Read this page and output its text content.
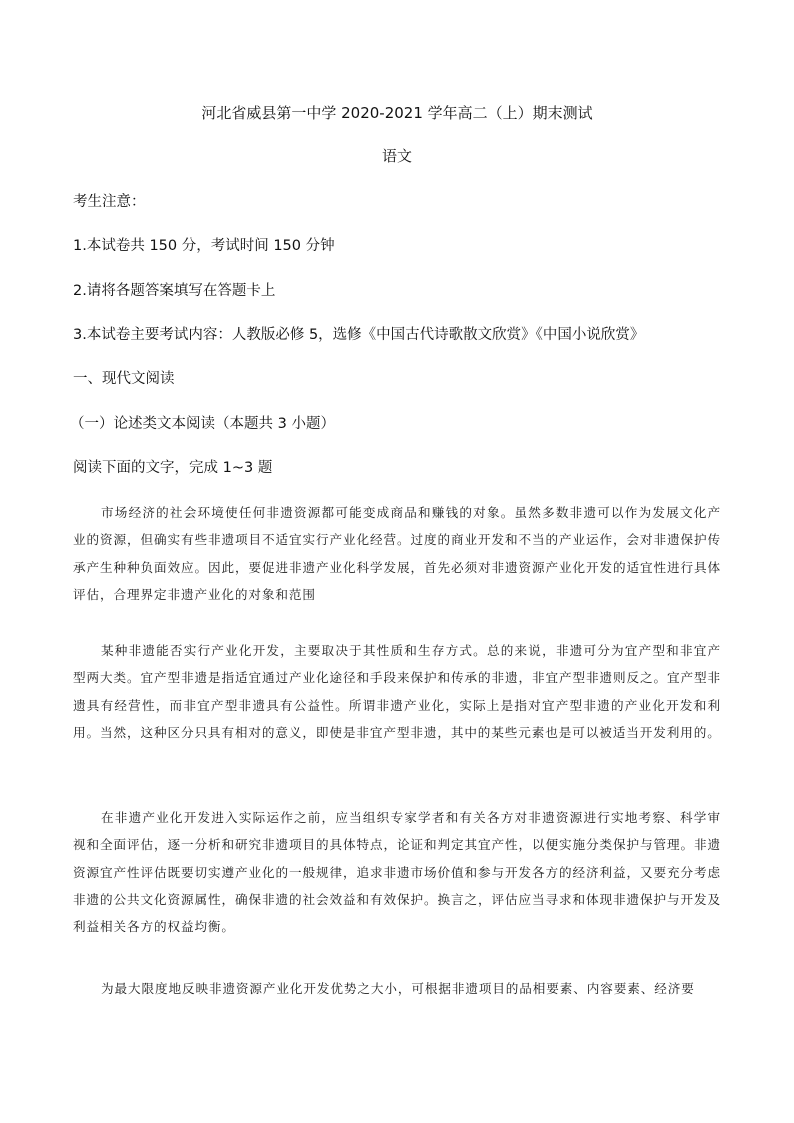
河北省威县第一中学 2020-2021 学年高二（上）期末测试
语文

考生注意：

1.本试卷共 150 分，考试时间 150 分钟

2.请将各题答案填写在答题卡上

3.本试卷主要考试内容：人教版必修 5，选修《中国古代诗歌散文欣赏》《中国小说欣赏》

一、现代文阅读

（一）论述类文本阅读（本题共 3 小题）

阅读下面的文字，完成 1~3 题

市场经济的社会环境使任何非遗资源都可能变成商品和赚钱的对象。虽然多数非遗可以作为发展文化产业的资源，但确实有些非遗项目不适宜实行产业化经营。过度的商业开发和不当的产业运作，会对非遗保护传承产生种种负面效应。因此，要促进非遗产业化科学发展，首先必须对非遗资源产业化开发的适宜性进行具体评估，合理界定非遗产业化的对象和范围

某种非遗能否实行产业化开发，主要取决于其性质和生存方式。总的来说，非遗可分为宜产型和非宜产型两大类。宜产型非遗是指适宜通过产业化途径和手段来保护和传承的非遗，非宜产型非遗则反之。宜产型非遗具有经营性，而非宜产型非遗具有公益性。所谓非遗产业化，实际上是指对宜产型非遗的产业化开发和利用。当然，这种区分只具有相对的意义，即使是非宜产型非遗，其中的某些元素也是可以被适当开发利用的。

在非遗产业化开发进入实际运作之前，应当组织专家学者和有关各方对非遗资源进行实地考察、科学审视和全面评估，逐一分析和研究非遗项目的具体特点，论证和判定其宜产性，以便实施分类保护与管理。非遗资源宜产性评估既要切实遵产业化的一般规律，追求非遗市场价值和参与开发各方的经济利益，又要充分考虑非遗的公共文化资源属性，确保非遗的社会效益和有效保护。换言之，评估应当寻求和体现非遗保护与开发及利益相关各方的权益均衡。

为最大限度地反映非遗资源产业化开发优势之大小，可根据非遗项目的品相要素、内容要素、经济要
